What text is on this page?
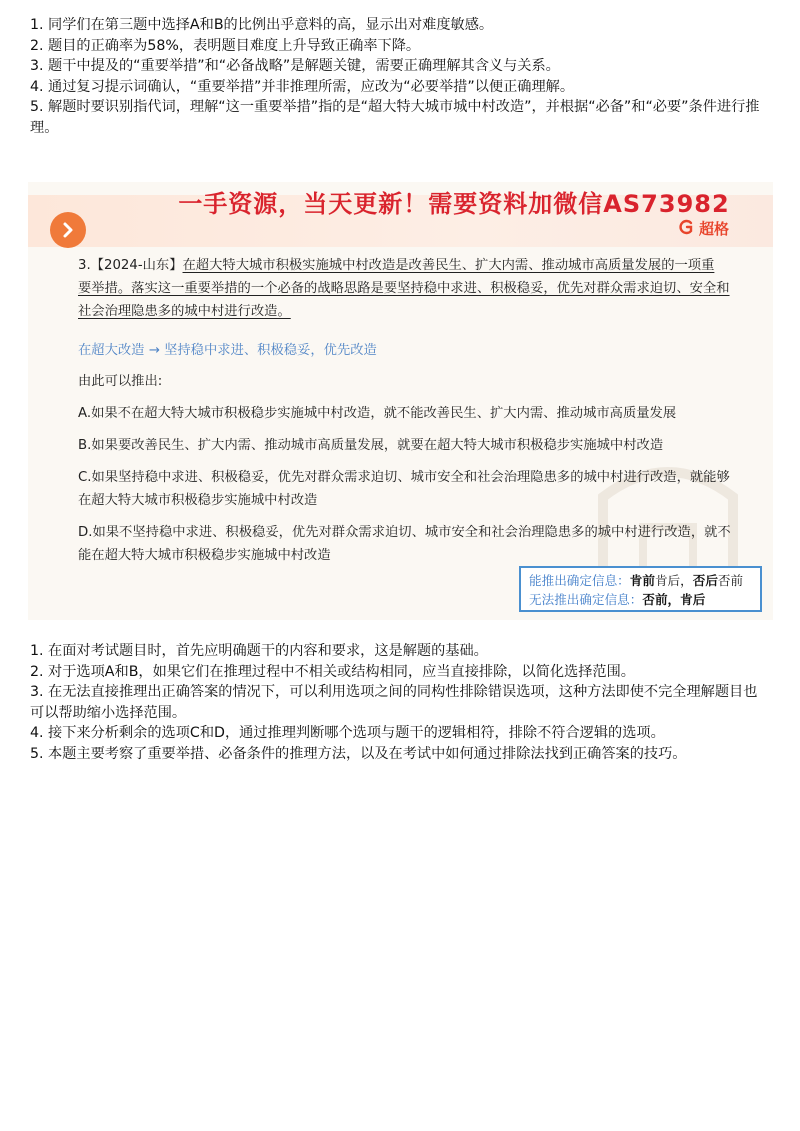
1. 同学们在第三题中选择A和B的比例出乎意料的高，显示出对难度敏感。

2. 题目的正确率为58%，表明题目难度上升导致正确率下降。

3. 题干中提及的“重要举措”和“必备战略”是解题关键，需要正确理解其含义与关系。

4. 通过复习提示词确认，“重要举措”并非推理所需，应改为“必要举措”以便正确理解。

5. 解题时要识别指代词，理解“这一重要举措”指的是“超大特大城市城中村改造”，并根据“必备”和“必要”条件进行推理。

一手资源，当天更新！需要资料加微信AS73982
超格

3.【2024-山东】在超大特大城市积极实施城中村改造是改善民生、扩大内需、推动城市高质量发展的一项重
要举措。落实这一重要举措的一个必备的战略思路是要坚持稳中求进、积极稳妥，优先对群众需求迫切、安全和
社会治理隐患多的城中村进行改造。

在超大改造 → 坚持稳中求进、积极稳妥，优先改造

由此可以推出:

A.如果不在超大特大城市积极稳步实施城中村改造，就不能改善民生、扩大内需、推动城市高质量发展

B.如果要改善民生、扩大内需、推动城市高质量发展，就要在超大特大城市积极稳步实施城中村改造

C.如果坚持稳中求进、积极稳妥，优先对群众需求迫切、城市安全和社会治理隐患多的城中村进行改造，就能够在超大特大城市积极稳步实施城中村改造

D.如果不坚持稳中求进、积极稳妥，优先对群众需求迫切、城市安全和社会治理隐患多的城中村进行改造，就不能在超大特大城市积极稳步实施城中村改造

能推出确定信息：肯前肯后，否后否前
无法推出确定信息：否前，肯后

1. 在面对考试题目时，首先应明确题干的内容和要求，这是解题的基础。

2. 对于选项A和B，如果它们在推理过程中不相关或结构相同，应当直接排除，以简化选择范围。

3. 在无法直接推理出正确答案的情况下，可以利用选项之间的同构性排除错误选项，这种方法即使不完全理解题目也可以帮助缩小选择范围。

4. 接下来分析剩余的选项C和D，通过推理判断哪个选项与题干的逻辑相符，排除不符合逻辑的选项。

5. 本题主要考察了重要举措、必备条件的推理方法，以及在考试中如何通过排除法找到正确答案的技巧。
